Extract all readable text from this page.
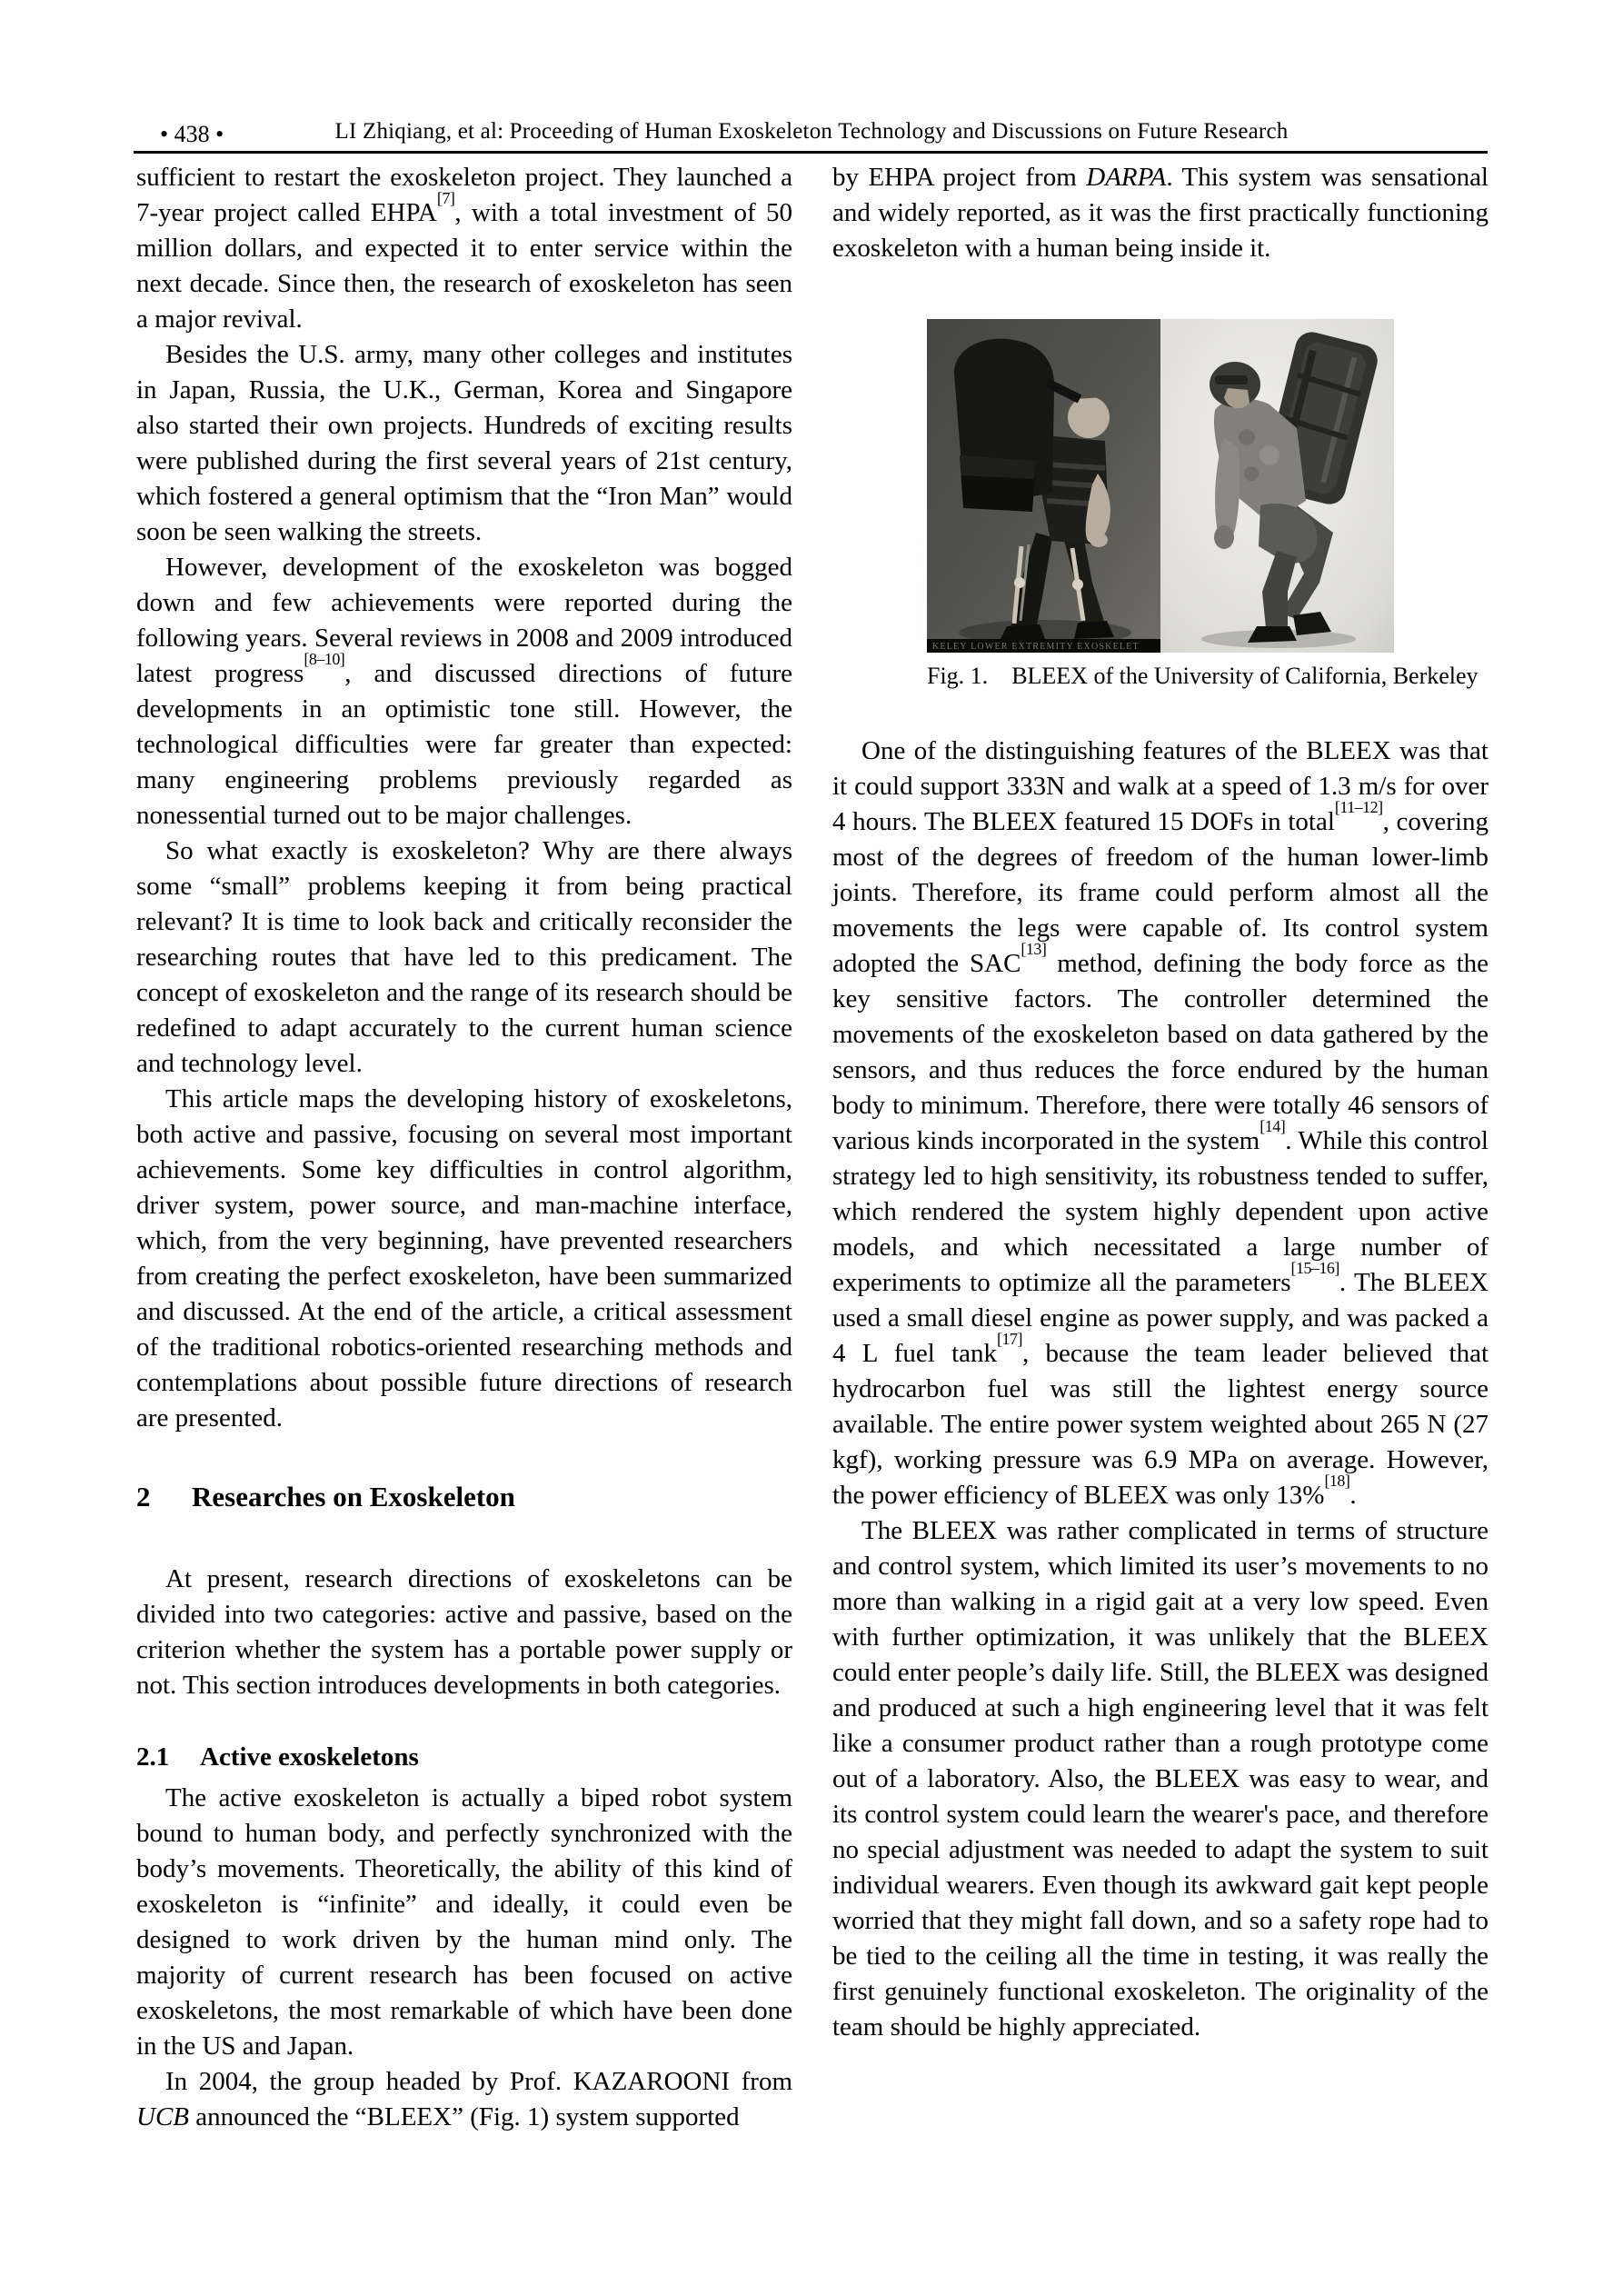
• 438 •	LI Zhiqiang, et al: Proceeding of Human Exoskeleton Technology and Discussions on Future Research

sufficient to restart the exoskeleton project. They launched a 7-year project called EHPA[7], with a total investment of 50 million dollars, and expected it to enter service within the next decade. Since then, the research of exoskeleton has seen a major revival.

Besides the U.S. army, many other colleges and institutes in Japan, Russia, the U.K., German, Korea and Singapore also started their own projects. Hundreds of exciting results were published during the first several years of 21st century, which fostered a general optimism that the “Iron Man” would soon be seen walking the streets.

However, development of the exoskeleton was bogged down and few achievements were reported during the following years. Several reviews in 2008 and 2009 introduced latest progress[8–10], and discussed directions of future developments in an optimistic tone still. However, the technological difficulties were far greater than expected: many engineering problems previously regarded as nonessential turned out to be major challenges.

So what exactly is exoskeleton? Why are there always some “small” problems keeping it from being practical relevant? It is time to look back and critically reconsider the researching routes that have led to this predicament. The concept of exoskeleton and the range of its research should be redefined to adapt accurately to the current human science and technology level.

This article maps the developing history of exoskeletons, both active and passive, focusing on several most important achievements. Some key difficulties in control algorithm, driver system, power source, and man-machine interface, which, from the very beginning, have prevented researchers from creating the perfect exoskeleton, have been summarized and discussed. At the end of the article, a critical assessment of the traditional robotics-oriented researching methods and contemplations about possible future directions of research are presented.

2 Researches on Exoskeleton

At present, research directions of exoskeletons can be divided into two categories: active and passive, based on the criterion whether the system has a portable power supply or not. This section introduces developments in both categories.

2.1 Active exoskeletons

The active exoskeleton is actually a biped robot system bound to human body, and perfectly synchronized with the body’s movements. Theoretically, the ability of this kind of exoskeleton is “infinite” and ideally, it could even be designed to work driven by the human mind only. The majority of current research has been focused on active exoskeletons, the most remarkable of which have been done in the US and Japan.

In 2004, the group headed by Prof. KAZAROONI from UCB announced the “BLEEX” (Fig. 1) system supported

by EHPA project from DARPA. This system was sensational and widely reported, as it was the first practically functioning exoskeleton with a human being inside it.

KELEY LOWER EXTREMITY EXOSKELET
Fig. 1. BLEEX of the University of California, Berkeley

One of the distinguishing features of the BLEEX was that it could support 333N and walk at a speed of 1.3 m/s for over 4 hours. The BLEEX featured 15 DOFs in total[11–12], covering most of the degrees of freedom of the human lower-limb joints. Therefore, its frame could perform almost all the movements the legs were capable of. Its control system adopted the SAC[13] method, defining the body force as the key sensitive factors. The controller determined the movements of the exoskeleton based on data gathered by the sensors, and thus reduces the force endured by the human body to minimum. Therefore, there were totally 46 sensors of various kinds incorporated in the system[14]. While this control strategy led to high sensitivity, its robustness tended to suffer, which rendered the system highly dependent upon active models, and which necessitated a large number of experiments to optimize all the parameters[15–16]. The BLEEX used a small diesel engine as power supply, and was packed a 4 L fuel tank[17], because the team leader believed that hydrocarbon fuel was still the lightest energy source available. The entire power system weighted about 265 N (27 kgf), working pressure was 6.9 MPa on average. However, the power efficiency of BLEEX was only 13%[18].

The BLEEX was rather complicated in terms of structure and control system, which limited its user’s movements to no more than walking in a rigid gait at a very low speed. Even with further optimization, it was unlikely that the BLEEX could enter people’s daily life. Still, the BLEEX was designed and produced at such a high engineering level that it was felt like a consumer product rather than a rough prototype come out of a laboratory. Also, the BLEEX was easy to wear, and its control system could learn the wearer's pace, and therefore no special adjustment was needed to adapt the system to suit individual wearers. Even though its awkward gait kept people worried that they might fall down, and so a safety rope had to be tied to the ceiling all the time in testing, it was really the first genuinely functional exoskeleton. The originality of the team should be highly appreciated.
